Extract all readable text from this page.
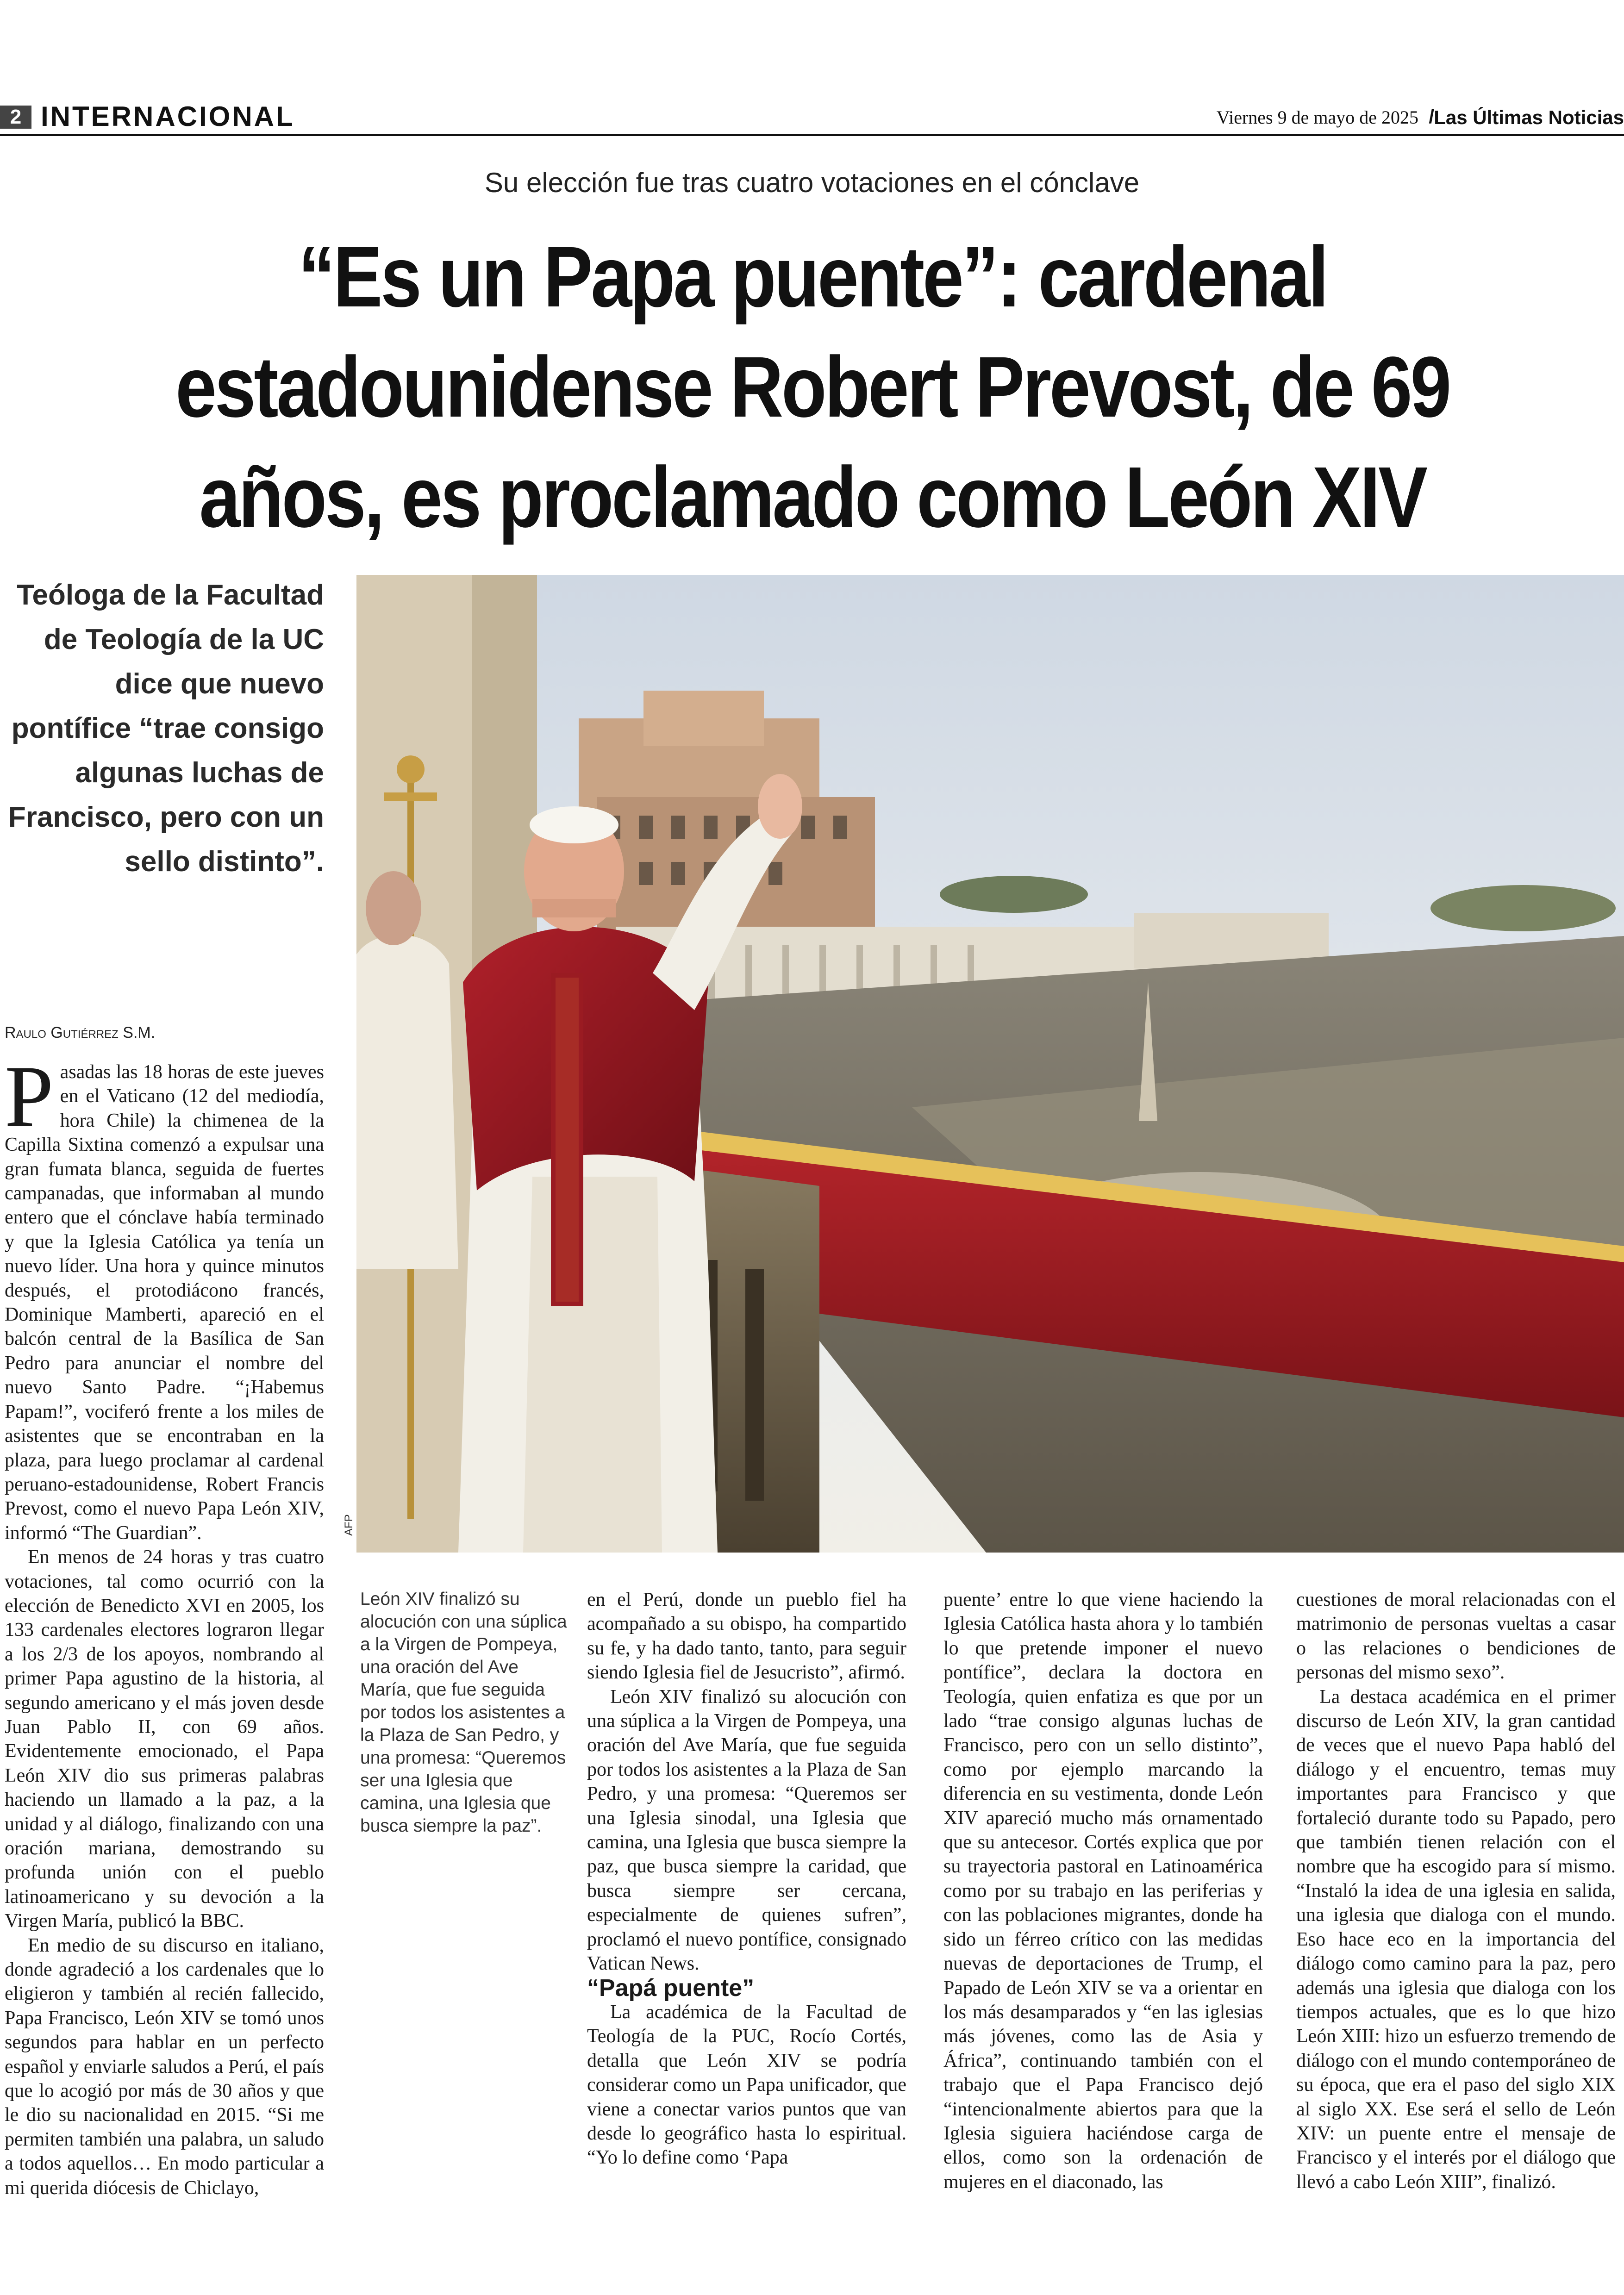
2 INTERNACIONAL	Viernes 9 de mayo de 2025 / Las Últimas Noticias
Su elección fue tras cuatro votaciones en el cónclave
“Es un Papa puente”: cardenal estadounidense Robert Prevost, de 69 años, es proclamado como León XIV
Teóloga de la Facultad de Teología de la UC dice que nuevo pontífice “trae consigo algunas luchas de Francisco, pero con un sello distinto”.
AFP
Raulo Gutiérrez S.M.

Pasadas las 18 horas de este jueves en el Vaticano (12 del mediodía, hora Chile) la chimenea de la Capilla Sixtina comenzó a expulsar una gran fumata blanca, seguida de fuertes campanadas, que informaban al mundo entero que el cónclave había terminado y que la Iglesia Católica ya tenía un nuevo líder. Una hora y quince minutos después, el protodiácono francés, Dominique Mamberti, apareció en el balcón central de la Basílica de San Pedro para anunciar el nombre del nuevo Santo Padre. “¡Habemus Papam!”, vociferó frente a los miles de asistentes que se encontraban en la plaza, para luego proclamar al cardenal peruano-estadounidense, Robert Francis Prevost, como el nuevo Papa León XIV, informó “The Guardian”.

En menos de 24 horas y tras cuatro votaciones, tal como ocurrió con la elección de Benedicto XVI en 2005, los 133 cardenales electores lograron llegar a los 2/3 de los apoyos, nombrando al primer Papa agustino de la historia, al segundo americano y el más joven desde Juan Pablo II, con 69 años. Evidentemente emocionado, el Papa León XIV dio sus primeras palabras haciendo un llamado a la paz, a la unidad y al diálogo, finalizando con una oración mariana, demostrando su profunda unión con el pueblo latinoamericano y su devoción a la Virgen María, publicó la BBC.

En medio de su discurso en italiano, donde agradeció a los cardenales que lo eligieron y también al recién fallecido, Papa Francisco, León XIV se tomó unos segundos para hablar en un perfecto español y enviarle saludos a Perú, el país que lo acogió por más de 30 años y que le dio su nacionalidad en 2015. “Si me permiten también una palabra, un saludo a todos aquellos… En modo particular a mi querida diócesis de Chiclayo,

León XIV finalizó su alocución con una súplica a la Virgen de Pompeya, una oración del Ave María, que fue seguida por todos los asistentes a la Plaza de San Pedro, y una promesa: “Queremos ser una Iglesia que camina, una Iglesia que busca siempre la paz”.

en el Perú, donde un pueblo fiel ha acompañado a su obispo, ha compartido su fe, y ha dado tanto, tanto, para seguir siendo Iglesia fiel de Jesucristo”, afirmó.

León XIV finalizó su alocución con una súplica a la Virgen de Pompeya, una oración del Ave María, que fue seguida por todos los asistentes a la Plaza de San Pedro, y una promesa: “Queremos ser una Iglesia sinodal, una Iglesia que camina, una Iglesia que busca siempre la paz, que busca siempre la caridad, que busca siempre ser cercana, especialmente de quienes sufren”, proclamó el nuevo pontífice, consignado Vatican News.

“Papá puente”

La académica de la Facultad de Teología de la PUC, Rocío Cortés, detalla que León XIV se podría considerar como un Papa unificador, que viene a conectar varios puntos que van desde lo geográfico hasta lo espiritual. “Yo lo define como ‘Papa

puente’ entre lo que viene haciendo la Iglesia Católica hasta ahora y lo también lo que pretende imponer el nuevo pontífice”, declara la doctora en Teología, quien enfatiza es que por un lado “trae consigo algunas luchas de Francisco, pero con un sello distinto”, como por ejemplo marcando la diferencia en su vestimenta, donde León XIV apareció mucho más ornamentado que su antecesor. Cortés explica que por su trayectoria pastoral en Latinoamérica como por su trabajo en las periferias y con las poblaciones migrantes, donde ha sido un férreo crítico con las medidas nuevas de deportaciones de Trump, el Papado de León XIV se va a orientar en los más desamparados y “en las iglesias más jóvenes, como las de Asia y África”, continuando también con el trabajo que el Papa Francisco dejó “intencionalmente abiertos para que la Iglesia siguiera haciéndose carga de ellos, como son la ordenación de mujeres en el diaconado, las

cuestiones de moral relacionadas con el matrimonio de personas vueltas a casar o las relaciones o bendiciones de personas del mismo sexo”.

La destaca académica en el primer discurso de León XIV, la gran cantidad de veces que el nuevo Papa habló del diálogo y el encuentro, temas muy importantes para Francisco y que fortaleció durante todo su Papado, pero que también tienen relación con el nombre que ha escogido para sí mismo. “Instaló la idea de una iglesia en salida, una iglesia que dialoga con el mundo. Eso hace eco en la importancia del diálogo como camino para la paz, pero además una iglesia que dialoga con los tiempos actuales, que es lo que hizo León XIII: hizo un esfuerzo tremendo de diálogo con el mundo contemporáneo de su época, que era el paso del siglo XIX al siglo XX. Ese será el sello de León XIV: un puente entre el mensaje de Francisco y el interés por el diálogo que llevó a cabo León XIII”, finalizó.
